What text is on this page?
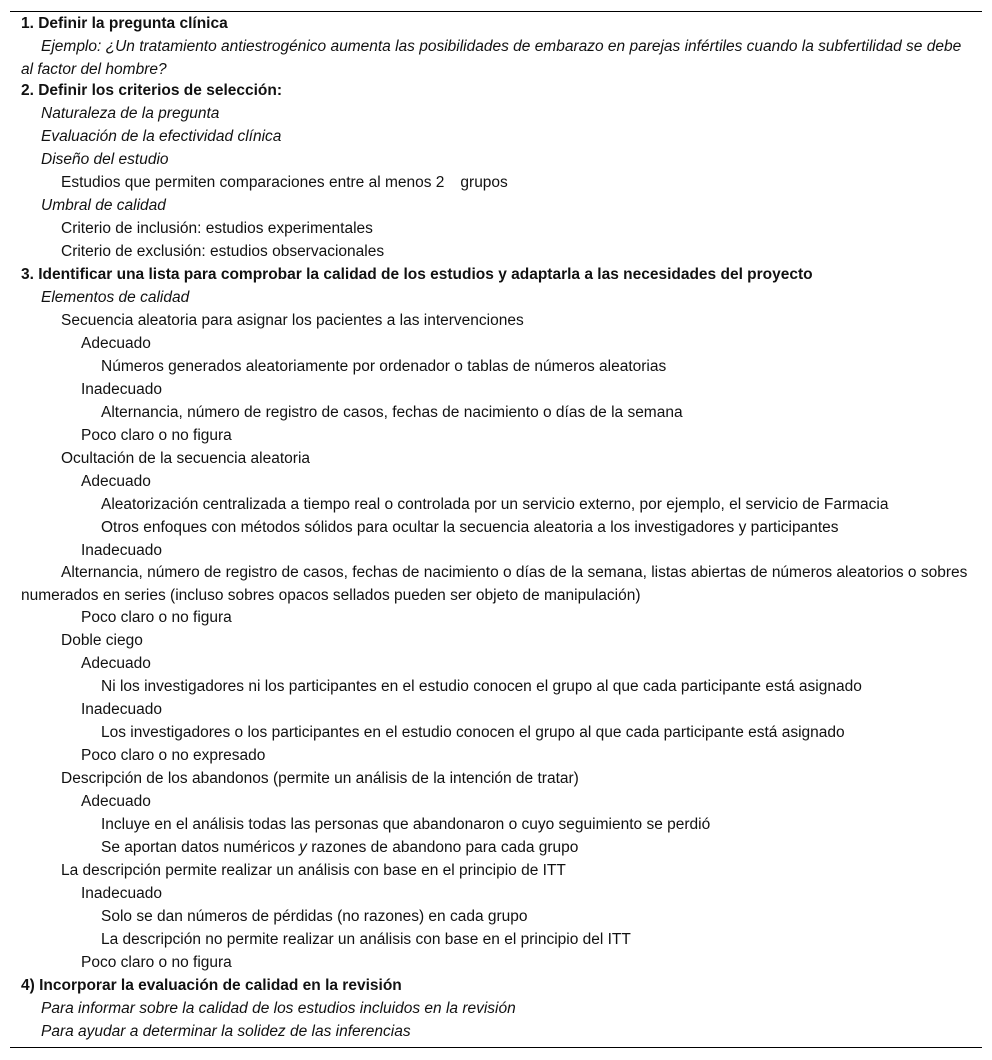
1. Definir la pregunta clínica
Ejemplo: ¿Un tratamiento antiestrogénico aumenta las posibilidades de embarazo en parejas infértiles cuando la subfertilidad se debe al factor del hombre?
2. Definir los criterios de selección:
Naturaleza de la pregunta
Evaluación de la efectividad clínica
Diseño del estudio
Estudios que permiten comparaciones entre al menos 2 grupos
Umbral de calidad
Criterio de inclusión: estudios experimentales
Criterio de exclusión: estudios observacionales
3. Identificar una lista para comprobar la calidad de los estudios y adaptarla a las necesidades del proyecto
Elementos de calidad
Secuencia aleatoria para asignar los pacientes a las intervenciones
Adecuado
Números generados aleatoriamente por ordenador o tablas de números aleatorias
Inadecuado
Alternancia, número de registro de casos, fechas de nacimiento o días de la semana
Poco claro o no figura
Ocultación de la secuencia aleatoria
Adecuado
Aleatorización centralizada a tiempo real o controlada por un servicio externo, por ejemplo, el servicio de Farmacia
Otros enfoques con métodos sólidos para ocultar la secuencia aleatoria a los investigadores y participantes
Inadecuado
Alternancia, número de registro de casos, fechas de nacimiento o días de la semana, listas abiertas de números aleatorios o sobres numerados en series (incluso sobres opacos sellados pueden ser objeto de manipulación)
Poco claro o no figura
Doble ciego
Adecuado
Ni los investigadores ni los participantes en el estudio conocen el grupo al que cada participante está asignado
Inadecuado
Los investigadores o los participantes en el estudio conocen el grupo al que cada participante está asignado
Poco claro o no expresado
Descripción de los abandonos (permite un análisis de la intención de tratar)
Adecuado
Incluye en el análisis todas las personas que abandonaron o cuyo seguimiento se perdió
Se aportan datos numéricos y razones de abandono para cada grupo
La descripción permite realizar un análisis con base en el principio de ITT
Inadecuado
Solo se dan números de pérdidas (no razones) en cada grupo
La descripción no permite realizar un análisis con base en el principio del ITT
Poco claro o no figura
4) Incorporar la evaluación de calidad en la revisión
Para informar sobre la calidad de los estudios incluidos en la revisión
Para ayudar a determinar la solidez de las inferencias
